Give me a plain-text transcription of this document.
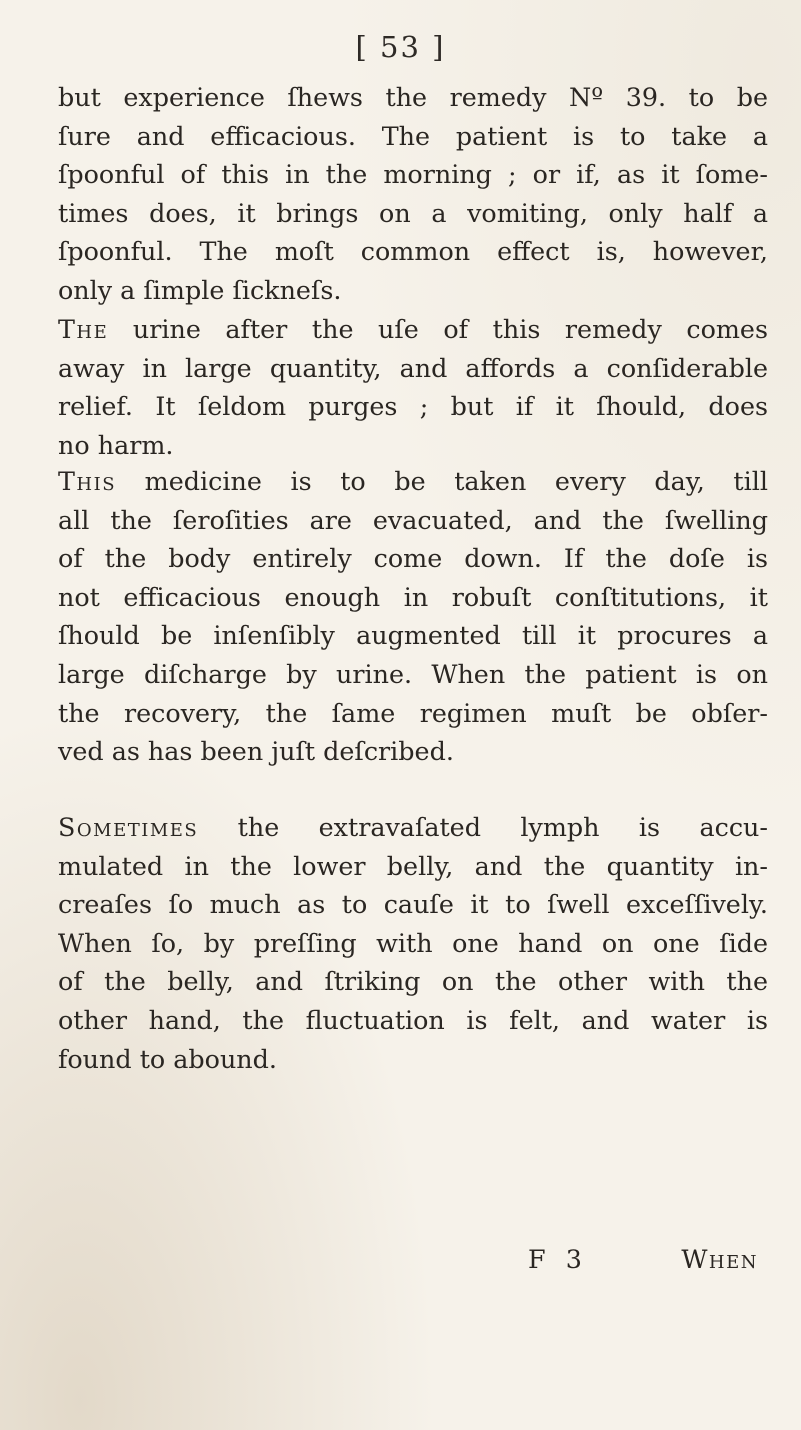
[ 53 ]

but experience ſhews the remedy Nº 39. to be
ſure and efficacious. The patient is to take a
ſpoonful of this in the morning ; or if, as it ſome-
times does, it brings on a vomiting, only half a
ſpoonful. The moſt common effect is, however,
only a ſimple ſickneſs.

The urine after the uſe of this remedy comes
away in large quantity, and affords a conſiderable
relief. It ſeldom purges ; but if it ſhould, does
no harm.

This medicine is to be taken every day, till
all the ſeroſities are evacuated, and the ſwelling
of the body entirely come down. If the doſe is
not efficacious enough in robuſt conſtitutions, it
ſhould be inſenſibly augmented till it procures a
large diſcharge by urine. When the patient is on
the recovery, the ſame regimen muſt be obſer-
ved as has been juſt deſcribed.

Sometimes the extravaſated lymph is accu-
mulated in the lower belly, and the quantity in-
creaſes ſo much as to cauſe it to ſwell exceſſively.
When ſo, by preſſing with one hand on one ſide
of the belly, and ſtriking on the other with the
other hand, the fluctuation is felt, and water is
found to abound.

F 3	When
